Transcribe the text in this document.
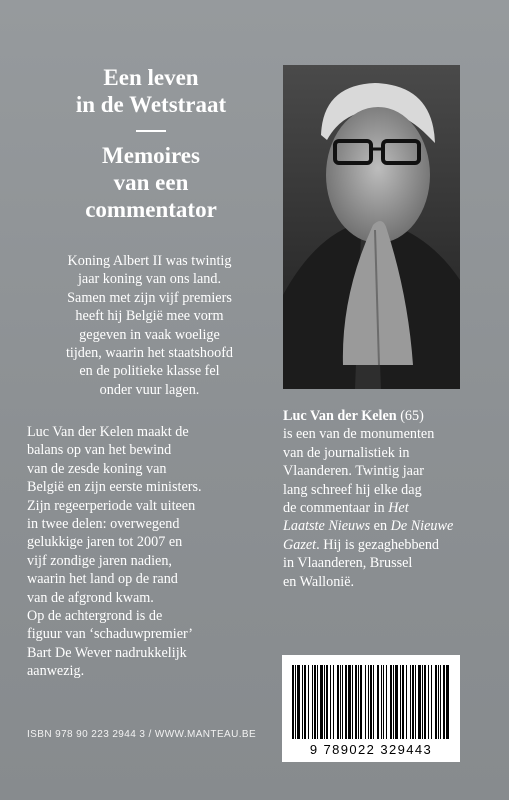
Een leven
in de Wetstraat
Memoires
van een
commentator
Koning Albert II was twintig
jaar koning van ons land.
Samen met zijn vijf premiers
heeft hij België mee vorm
gegeven in vaak woelige
tijden, waarin het staatshoofd
en de politieke klasse fel
onder vuur lagen.
Luc Van der Kelen maakt de
balans op van het bewind
van de zesde koning van
België en zijn eerste ministers.
Zijn regeerperiode valt uiteen
in twee delen: overwegend
gelukkige jaren tot 2007 en
vijf zondige jaren nadien,
waarin het land op de rand
van de afgrond kwam.
Op de achtergrond is de
figuur van ‘schaduwpremier’
Bart De Wever nadrukkelijk
aanwezig.
Luc Van der Kelen (65)
is een van de monumenten
van de journalistiek in
Vlaanderen. Twintig jaar
lang schreef hij elke dag
de commentaar in Het
Laatste Nieuws en De Nieuwe
Gazet. Hij is gezaghebbend
in Vlaanderen, Brussel
en Wallonië.
ISBN 978 90 223 2944 3 / WWW.MANTEAU.BE
9 789022 329443
